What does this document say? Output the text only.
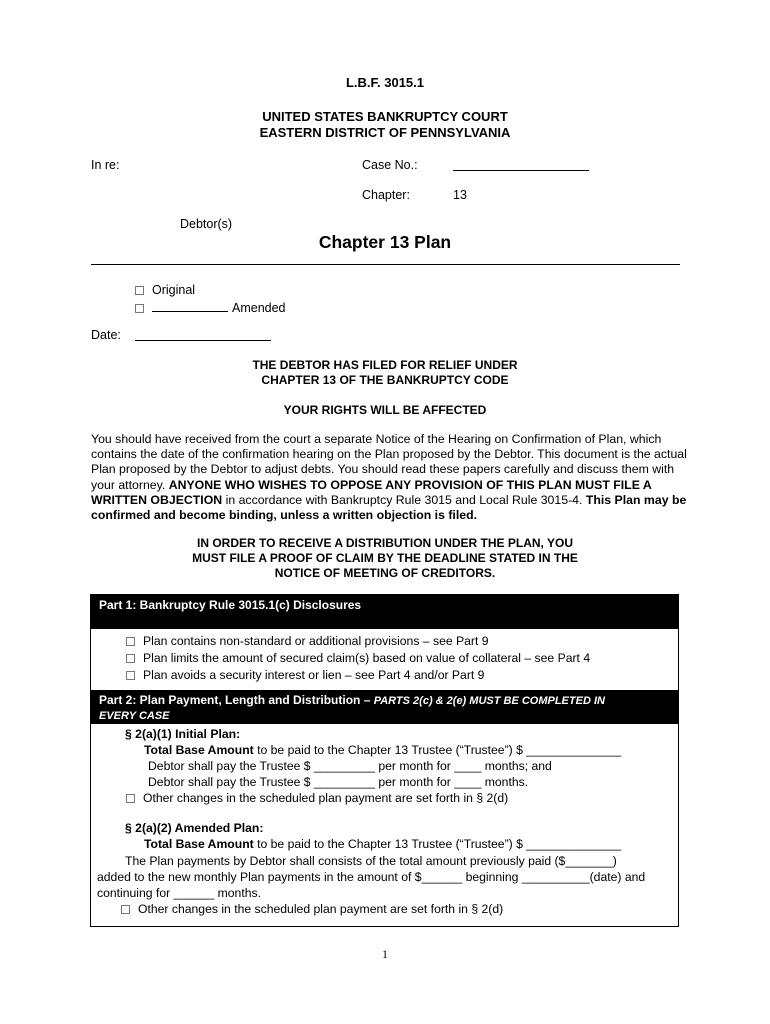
L.B.F. 3015.1
UNITED STATES BANKRUPTCY COURT
EASTERN DISTRICT OF PENNSYLVANIA
In re:	Case No.:
Chapter:	13
Debtor(s)
Chapter 13 Plan
Original
Amended
Date:
THE DEBTOR HAS FILED FOR RELIEF UNDER
CHAPTER 13 OF THE BANKRUPTCY CODE
YOUR RIGHTS WILL BE AFFECTED
You should have received from the court a separate Notice of the Hearing on Confirmation of Plan, which contains the date of the confirmation hearing on the Plan proposed by the Debtor. This document is the actual Plan proposed by the Debtor to adjust debts. You should read these papers carefully and discuss them with your attorney. ANYONE WHO WISHES TO OPPOSE ANY PROVISION OF THIS PLAN MUST FILE A WRITTEN OBJECTION in accordance with Bankruptcy Rule 3015 and Local Rule 3015-4. This Plan may be confirmed and become binding, unless a written objection is filed.
IN ORDER TO RECEIVE A DISTRIBUTION UNDER THE PLAN, YOU
MUST FILE A PROOF OF CLAIM BY THE DEADLINE STATED IN THE
NOTICE OF MEETING OF CREDITORS.
Part 1: Bankruptcy Rule 3015.1(c) Disclosures
Plan contains non-standard or additional provisions – see Part 9
Plan limits the amount of secured claim(s) based on value of collateral – see Part 4
Plan avoids a security interest or lien – see Part 4 and/or Part 9
Part 2: Plan Payment, Length and Distribution – PARTS 2(c) & 2(e) MUST BE COMPLETED IN
EVERY CASE
§ 2(a)(1) Initial Plan:
Total Base Amount to be paid to the Chapter 13 Trustee (“Trustee”) $ ______________
Debtor shall pay the Trustee $ _________ per month for ____ months; and
Debtor shall pay the Trustee $ _________ per month for ____ months.
Other changes in the scheduled plan payment are set forth in § 2(d)
§ 2(a)(2) Amended Plan:
Total Base Amount to be paid to the Chapter 13 Trustee (“Trustee”) $ ______________
The Plan payments by Debtor shall consists of the total amount previously paid ($_______)
added to the new monthly Plan payments in the amount of $______ beginning __________(date) and
continuing for ______ months.
Other changes in the scheduled plan payment are set forth in § 2(d)
1
